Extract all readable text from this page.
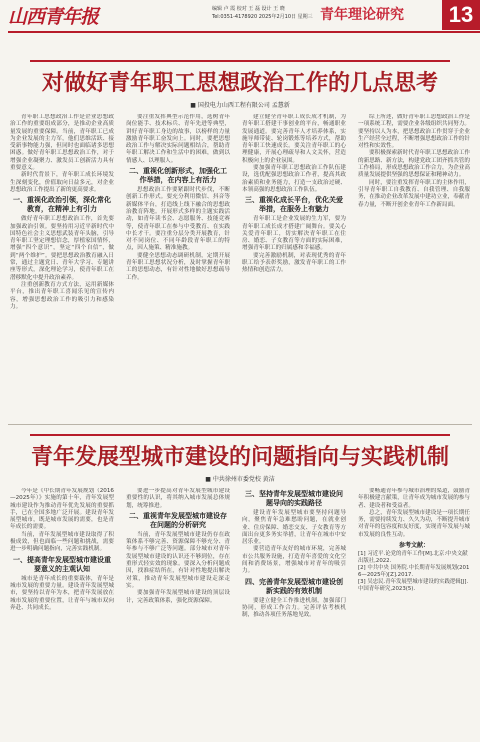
山西青年报	编辑 卢 霞 校对 王 磊 设计 王 晓
Tel:0351-4178920 2025年2月10日 星期三 青年理论研究	13
对做好青年职工思想政治工作的几点思考
■ 国投电力山西工程有限公司 孟慧新

青年职工思想政治工作是企业思想政治工作的重要组成部分，是推动企业高质量发展的重要保障。当前，青年职工已成为企业发展的主力军，他们思维活跃、接受新事物能力强，但同时也面临诸多思想困惑。做好青年职工思想政治工作，对于增强企业凝聚力、激发员工创新活力具有重要意义。

新时代背景下，青年职工成长环境发生深刻变化，价值取向日益多元，对企业思想政治工作提出了新的更高要求。

一、重视化政治引领，深化常化教育，在精神上有引力

做好青年职工思想政治工作，首先要加强政治引领。要坚持用习近平新时代中国特色社会主义思想武装青年头脑，引导青年职工坚定理想信念，厚植家国情怀，增强“四个意识”，坚定“四个自信”，做到“两个维护”。要把思想政治教育融入日常，通过主题党日、青年大学习、专题讲座等形式，深化理论学习，使青年职工在潜移默化中提升政治素养。

注重创新教育方式方法，运用新媒体平台，推出青年职工喜闻乐见的宣传内容，增强思想政治工作的吸引力和感染力。

要注重发挥典型示范作用，选树青年岗位能手、技术标兵、青年先进等典型，讲好青年职工身边的故事，以榜样的力量激励青年职工奋发向上。同时，要把思想政治工作与解决实际问题相结合，帮助青年职工解决工作和生活中的困难，做到以情感人、以理服人。

二、重视化创新形式，加强化工作举措，在内容上有活力

思想政治工作要紧跟时代步伐，不断创新工作形式。要充分利用微信、抖音等新媒体平台，打造线上线下融合的思想政治教育阵地。开展形式多样的主题实践活动，如青年读书会、志愿服务、技能竞赛等，使青年职工在参与中受教育、在实践中长才干。要注重分层分类开展教育，针对不同岗位、不同年龄段青年职工的特点，因人施策、精准施教。

要健全思想动态调研机制，定期开展青年职工思想状况分析，及时掌握青年职工的思想动态，有针对性地做好思想疏导工作。

建立健全青年职工成长成才机制，为青年职工搭建干事创业的平台，畅通职业发展通道。要完善青年人才培养体系，实施导师带徒、轮岗锻炼等培养方式，帮助青年职工快速成长。要关注青年职工的心理健康，开展心理疏导和人文关怀，营造积极向上的企业氛围。

要加强青年职工思想政治工作队伍建设，选优配强思想政治工作者，提高其政治素质和业务能力，打造一支政治过硬、本领高强的思想政治工作队伍。

三、重视化成长平台，优化关爱举措，在服务上有魅力

青年职工是企业发展的生力军，要为青年职工成长成才搭建广阔舞台。要关心关爱青年职工，切实解决青年职工在住房、婚恋、子女教育等方面的实际困难，增强青年职工的归属感和幸福感。

要完善激励机制，对表现优秀的青年职工给予表彰奖励，激发青年职工的工作热情和创造活力。

综上所述，做好青年职工思想政治工作是一项系统工程，需要企业各级组织共同努力。要坚持以人为本，把思想政治工作贯穿于企业生产经营全过程，不断增强思想政治工作的针对性和实效性。

要积极探索新时代青年职工思想政治工作的新思路、新方法，构建党政工团齐抓共管的工作格局，形成思想政治工作合力，为企业高质量发展提供坚强的思想保证和精神动力。

同时，要注重发挥青年职工的主体作用，引导青年职工自我教育、自我管理、自我服务，在推动企业改革发展中建功立业，奉献青春力量，不断开创企业青年工作新局面。

青年发展型城市建设的问题指向与实践机制
■ 中共徐州市委党校 黄洁

今年是《中长期青年发展规划（2016—2025年）》实施的第十年，青年发展型城市建设作为推动青年优先发展的重要抓手，已在全国多地广泛开展。建设青年发展型城市，既是城市发展的需要，也是青年成长的需要。

当前，青年发展型城市建设取得了积极成效，但也面临一些问题和挑战，需要进一步明确问题指向，完善实践机制。

一、提高青年发展型城市建设重要意义的主观认知

城市是青年成长的重要载体，青年是城市发展的重要力量。建设青年发展型城市，要坚持以青年为本，把青年发展放在城市发展的重要位置，让青年与城市双向奔赴、共同成长。

要进一步提高对青年发展型城市建设重要性的认识，将其纳入城市发展总体规划，统筹推进。

二、重视青年发展型城市建设存在问题的分析研究

当前，青年发展型城市建设仍存在政策体系不够完善、资源保障不够充分、青年参与不够广泛等问题。部分城市对青年发展型城市建设的认识还不够到位，存在重形式轻实效的现象。要深入分析问题成因，找准症结所在，有针对性地提出解决对策，推动青年发展型城市建设走深走实。

要加强青年发展型城市建设的顶层设计，完善政策体系，强化资源保障。

三、坚持青年发展型城市建设问题导向的实践路径

建设青年发展型城市要坚持问题导向，聚焦青年急难愁盼问题，在就业创业、住房保障、婚恋交友、子女教育等方面出台更多务实举措，让青年在城市中安居乐业。

要营造青年友好的城市环境，完善城市公共服务设施，打造青年喜爱的文化空间和消费场景，增强城市对青年的吸引力。

四、完善青年发展型城市建设创新实践的有效机制

要建立健全工作推进机制，加强部门协同，形成工作合力。完善评估考核机制，推动各项任务落地见效。

要畅通青年参与城市治理的渠道，鼓励青年积极建言献策，让青年成为城市发展的参与者、建设者和受益者。

总之，青年发展型城市建设是一项长期任务，需要持续发力、久久为功，不断提升城市对青年的包容度和友好度，实现青年发展与城市发展的良性互动。

参考文献：

[1] 习近平.论党的青年工作[M].北京:中央文献出版社,2022.

[2] 中共中央 国务院.中长期青年发展规划(2016—2025年)[Z].2017.

[3] 吴忠民.青年发展型城市建设的实践逻辑[J].中国青年研究,2023(5).
